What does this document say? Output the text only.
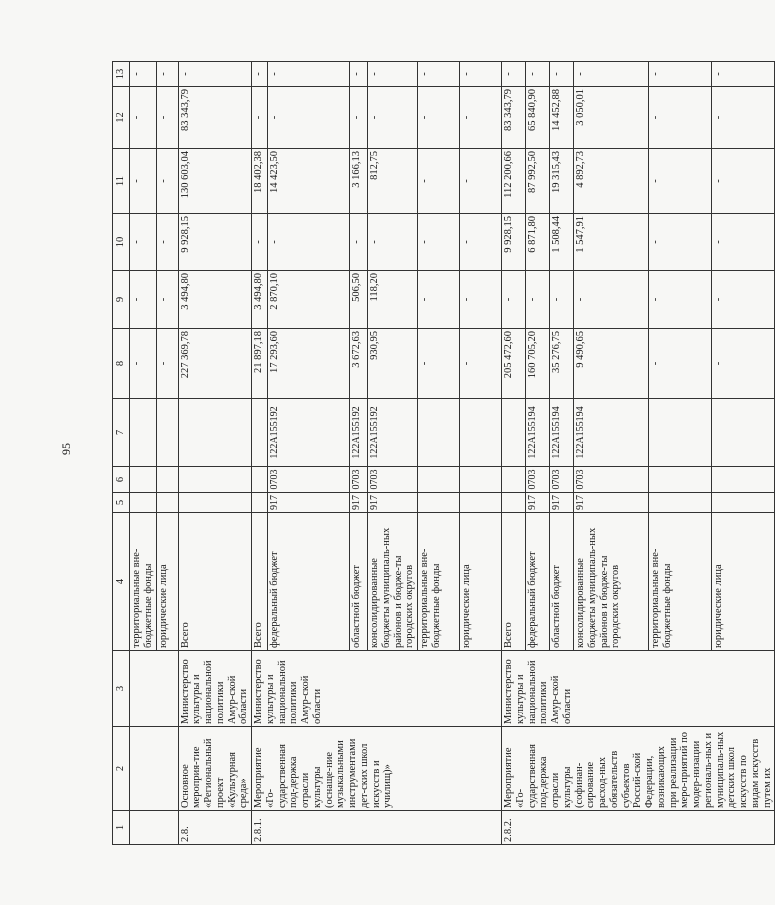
95
1	2	3	4	5	6	7	8	9	10	11	12	13
			территориальные вне-бюджетные фонды				-	-	-	-	-	-
			юридические лица				-	-	-	-	-	-
2.8.	Основное мероприя-тие «Региональный проект «Культурная среда»	Министерство культуры и национальной политики Амур-ской области	Всего				227 369,78	3 494,80	9 928,15	130 603,04	83 343,79	-
2.8.1.	Мероприятие «Го-сударственная под-держка отрасли культуры (оснаще-ние музыкальными инструментами дет-ских школ искусств и училищ)»	Министерство культуры и национальной политики Амур-ской области	Всего				21 897,18	3 494,80	-	18 402,38	-	-
			федеральный бюджет	917	0703	122A155192	17 293,60	2 870,10	-	14 423,50	-	-
			областной бюджет	917	0703	122A155192	3 672,63	506,50	-	3 166,13	-	-
			консолидированные бюджеты муниципаль-ных районов и бюдже-ты городских округов	917	0703	122A155192	930,95	118,20	-	812,75	-	-
			территориальные вне-бюджетные фонды				-	-	-	-	-	-
			юридические лица				-	-	-	-	-	-
2.8.2.	Мероприятие «Го-сударственная под-держка отрасли культуры (софинан-сирование расход-ных обязательств субъектов Россий-ской Федерации, возникающих при реализации меро-приятий по модер-низации региональ-ных и муниципаль-ных детских школ искусств по видам искусств путем их	Министерство культуры и национальной политики Амур-ской области	Всего				205 472,60	-	9 928,15	112 200,66	83 343,79	-
			федеральный бюджет	917	0703	122A155194	160 705,20	-	6 871,80	87 992,50	65 840,90	-
			областной бюджет	917	0703	122A155194	35 276,75	-	1 508,44	19 315,43	14 452,88	-
			консолидированные бюджеты муниципаль-ных районов и бюдже-ты городских округов	917	0703	122A155194	9 490,65	-	1 547,91	4 892,73	3 050,01	-
			территориальные вне-бюджетные фонды				-	-	-	-	-	-
			юридические лица				-	-	-	-	-	-
